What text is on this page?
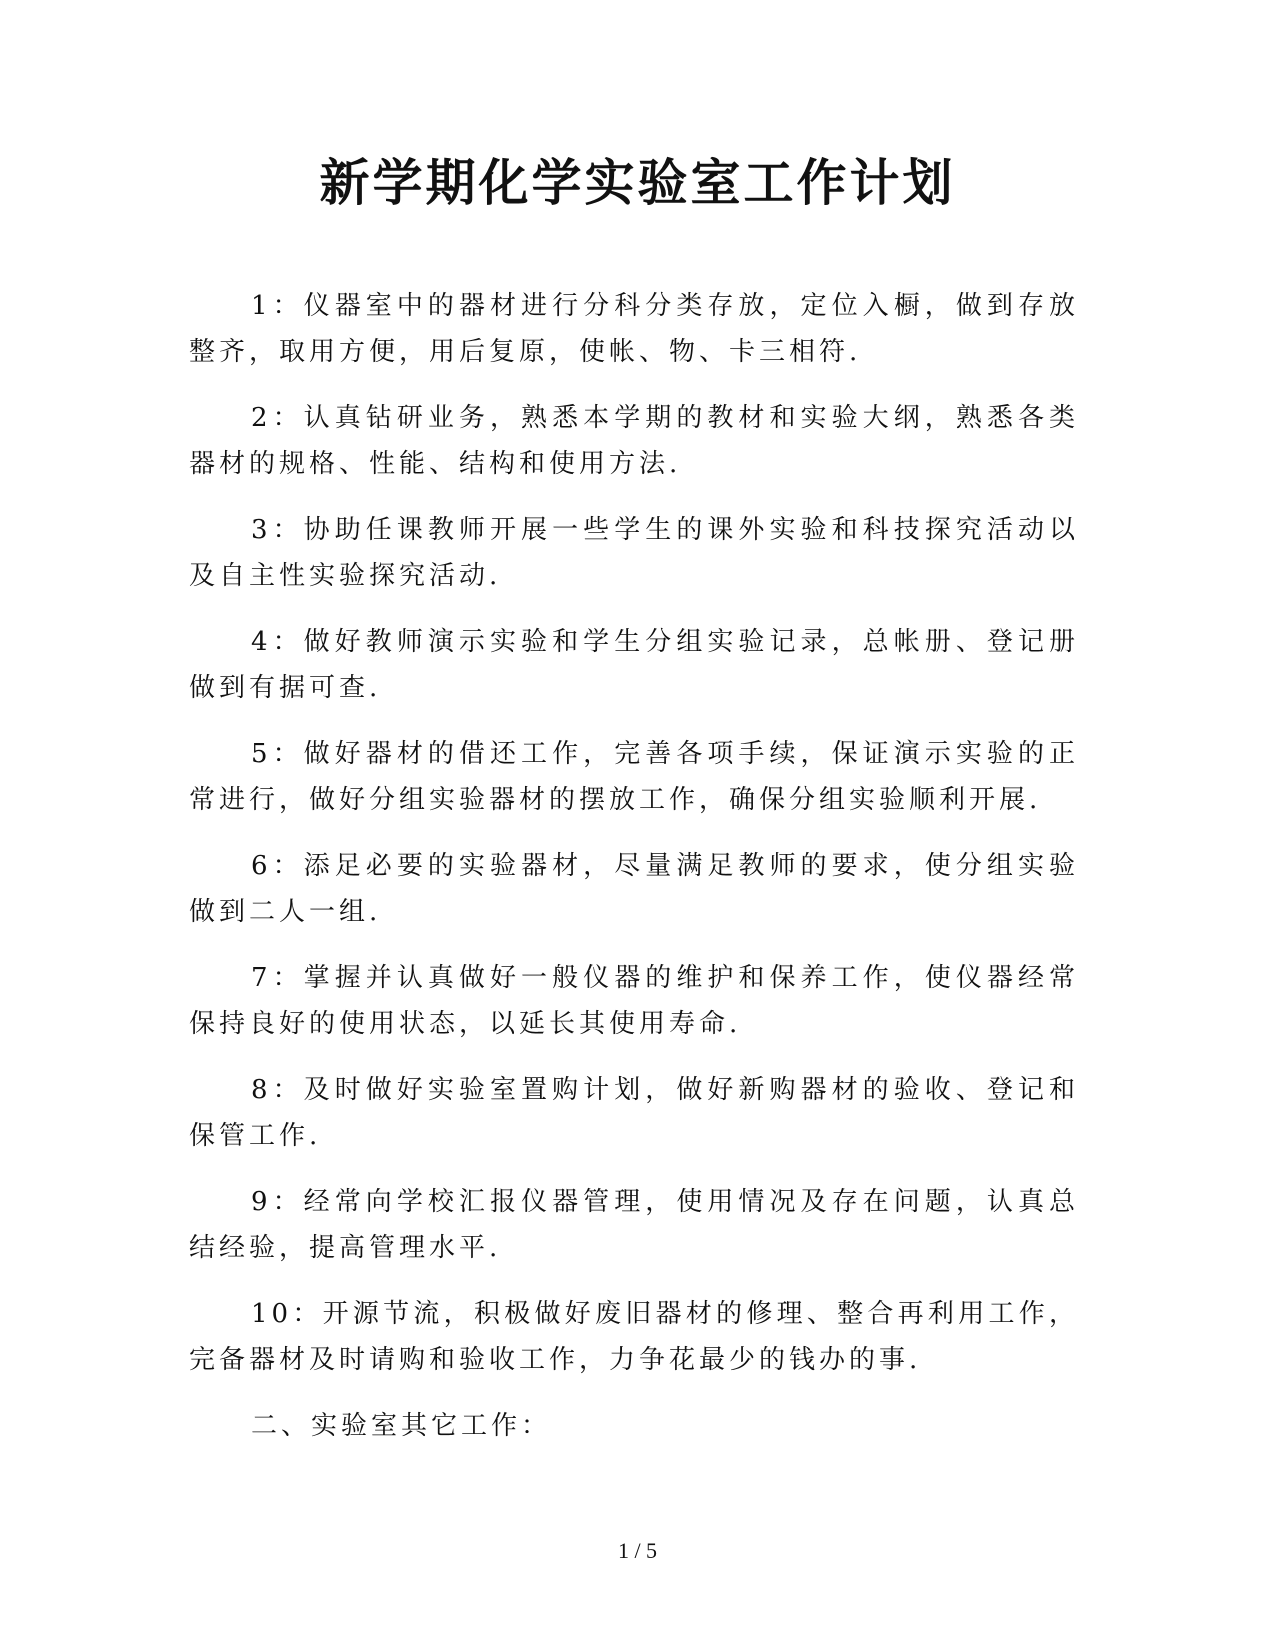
新学期化学实验室工作计划

1：仪器室中的器材进行分科分类存放，定位入橱，做到存放整齐，取用方便，用后复原，使帐、物、卡三相符.

2：认真钻研业务，熟悉本学期的教材和实验大纲，熟悉各类器材的规格、性能、结构和使用方法.

3：协助任课教师开展一些学生的课外实验和科技探究活动以及自主性实验探究活动.

4：做好教师演示实验和学生分组实验记录，总帐册、登记册做到有据可查.

5：做好器材的借还工作，完善各项手续，保证演示实验的正常进行，做好分组实验器材的摆放工作，确保分组实验顺利开展.

6：添足必要的实验器材，尽量满足教师的要求，使分组实验做到二人一组.

7：掌握并认真做好一般仪器的维护和保养工作，使仪器经常保持良好的使用状态，以延长其使用寿命.

8：及时做好实验室置购计划，做好新购器材的验收、登记和保管工作.

9：经常向学校汇报仪器管理，使用情况及存在问题，认真总结经验，提高管理水平.

10：开源节流，积极做好废旧器材的修理、整合再利用工作，完备器材及时请购和验收工作，力争花最少的钱办的事.

二、实验室其它工作：

1 / 5
